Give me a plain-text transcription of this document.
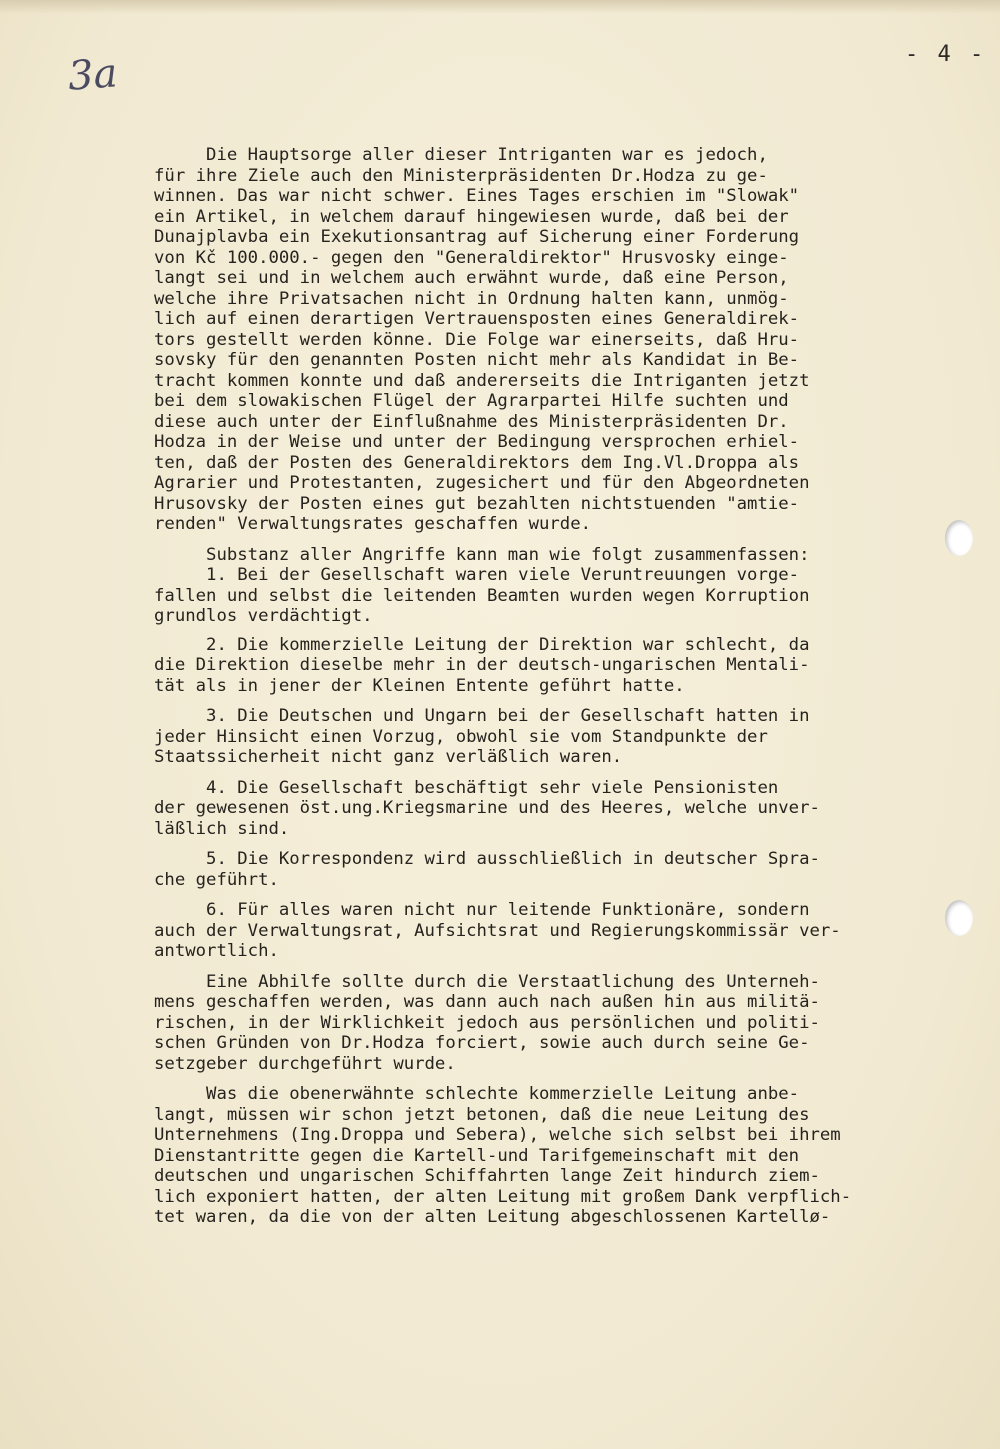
- 4 -
3a
Die Hauptsorge aller dieser Intriganten war es jedoch,
für ihre Ziele auch den Ministerpräsidenten Dr.Hodza zu ge-
winnen. Das war nicht schwer. Eines Tages erschien im "Slowak"
ein Artikel, in welchem darauf hingewiesen wurde, daß bei der
Dunajplavba ein Exekutionsantrag auf Sicherung einer Forderung
von Kč 100.000.- gegen den "Generaldirektor" Hrusvosky einge-
langt sei und in welchem auch erwähnt wurde, daß eine Person,
welche ihre Privatsachen nicht in Ordnung halten kann, unmög-
lich auf einen derartigen Vertrauensposten eines Generaldirek-
tors gestellt werden könne. Die Folge war einerseits, daß Hru-
sovsky für den genannten Posten nicht mehr als Kandidat in Be-
tracht kommen konnte und daß andererseits die Intriganten jetzt
bei dem slowakischen Flügel der Agrarpartei Hilfe suchten und
diese auch unter der Einflußnahme des Ministerpräsidenten Dr.
Hodza in der Weise und unter der Bedingung versprochen erhiel-
ten, daß der Posten des Generaldirektors dem Ing.Vl.Droppa als
Agrarier und Protestanten, zugesichert und für den Abgeordneten
Hrusovsky der Posten eines gut bezahlten nichtstuenden "amtie-
renden" Verwaltungsrates geschaffen wurde.
Substanz aller Angriffe kann man wie folgt zusammenfassen:
1. Bei der Gesellschaft waren viele Veruntreuungen vorge-
fallen und selbst die leitenden Beamten wurden wegen Korruption
grundlos verdächtigt.
2. Die kommerzielle Leitung der Direktion war schlecht, da
die Direktion dieselbe mehr in der deutsch-ungarischen Mentali-
tät als in jener der Kleinen Entente geführt hatte.
3. Die Deutschen und Ungarn bei der Gesellschaft hatten in
jeder Hinsicht einen Vorzug, obwohl sie vom Standpunkte der
Staatssicherheit nicht ganz verläßlich waren.
4. Die Gesellschaft beschäftigt sehr viele Pensionisten
der gewesenen öst.ung.Kriegsmarine und des Heeres, welche unver-
läßlich sind.
5. Die Korrespondenz wird ausschließlich in deutscher Spra-
che geführt.
6. Für alles waren nicht nur leitende Funktionäre, sondern
auch der Verwaltungsrat, Aufsichtsrat und Regierungskommissär ver-
antwortlich.
Eine Abhilfe sollte durch die Verstaatlichung des Unterneh-
mens geschaffen werden, was dann auch nach außen hin aus militä-
rischen, in der Wirklichkeit jedoch aus persönlichen und politi-
schen Gründen von Dr.Hodza forciert, sowie auch durch seine Ge-
setzgeber durchgeführt wurde.
Was die obenerwähnte schlechte kommerzielle Leitung anbe-
langt, müssen wir schon jetzt betonen, daß die neue Leitung des
Unternehmens (Ing.Droppa und Sebera), welche sich selbst bei ihrem
Dienstantritte gegen die Kartell-und Tarifgemeinschaft mit den
deutschen und ungarischen Schiffahrten lange Zeit hindurch ziem-
lich exponiert hatten, der alten Leitung mit großem Dank verpflich-
tet waren, da die von der alten Leitung abgeschlossenen Kartellø-
